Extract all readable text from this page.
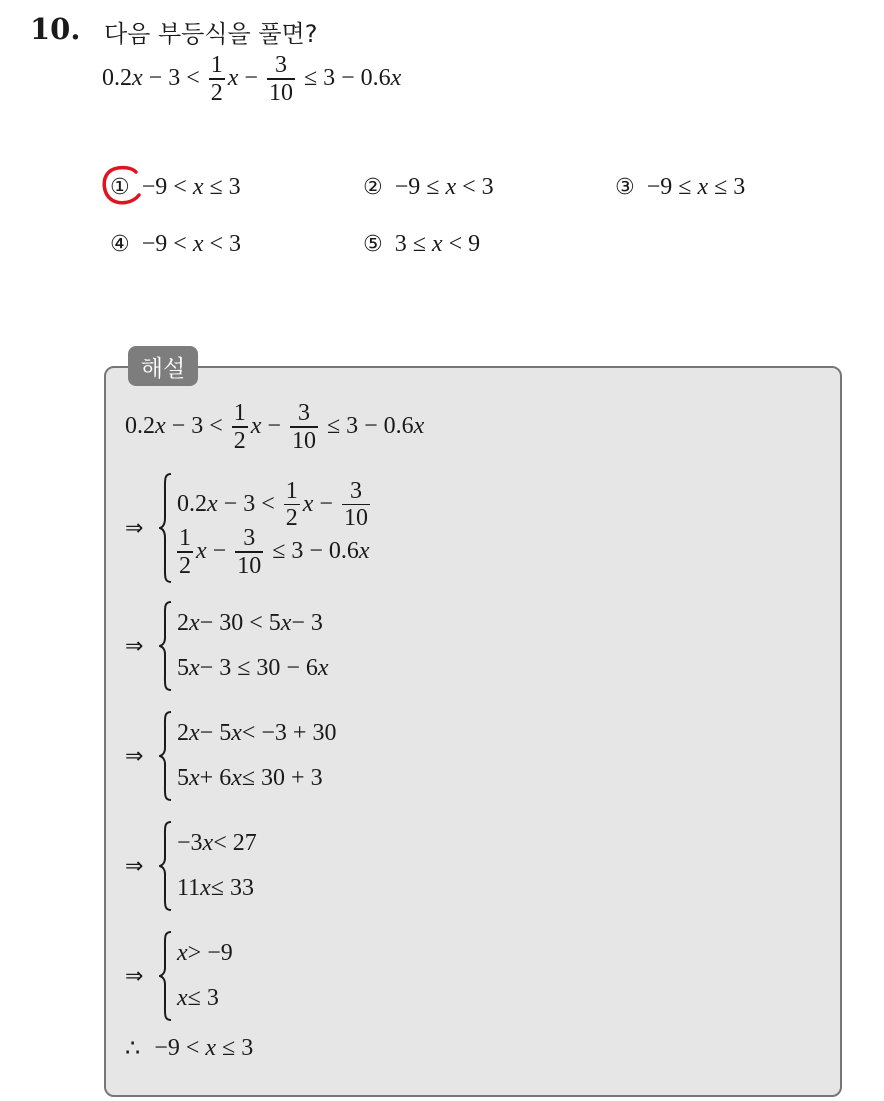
10. 다음 부등식을 풀면?
0.2 $x - 3 < \frac{1}{2}$ $x - \frac{3}{10} \le 3 - 0.6$ x
① −9 < x ≤ 3	② −9 ≤ x < 3	③ −9 ≤ x ≤ 3
④ −9 < x < 3	⑤ 3 ≤ x < 9
해설
0.2 $x - 3 < \frac{1}{2}$ $x - \frac{3}{10} \le 3 - 0.6$ x
⇒
0.2 $x - 3 < \frac{1}{2}$ $x - \frac{3}{10}$
$\frac{1}{2}$ $x - \frac{3}{10} \le 3 - 0.6$ x
⇒
2 x − 30 < 5 x − 3
5 x − 3 ≤ 30 − 6 x
⇒
2 x − 5 x < −3 + 30
5 x + 6 x ≤ 30 + 3
⇒
−3 x < 27
11 x ≤ 33
⇒
x > −9
x ≤ 3
∴ −9 < x ≤ 3
